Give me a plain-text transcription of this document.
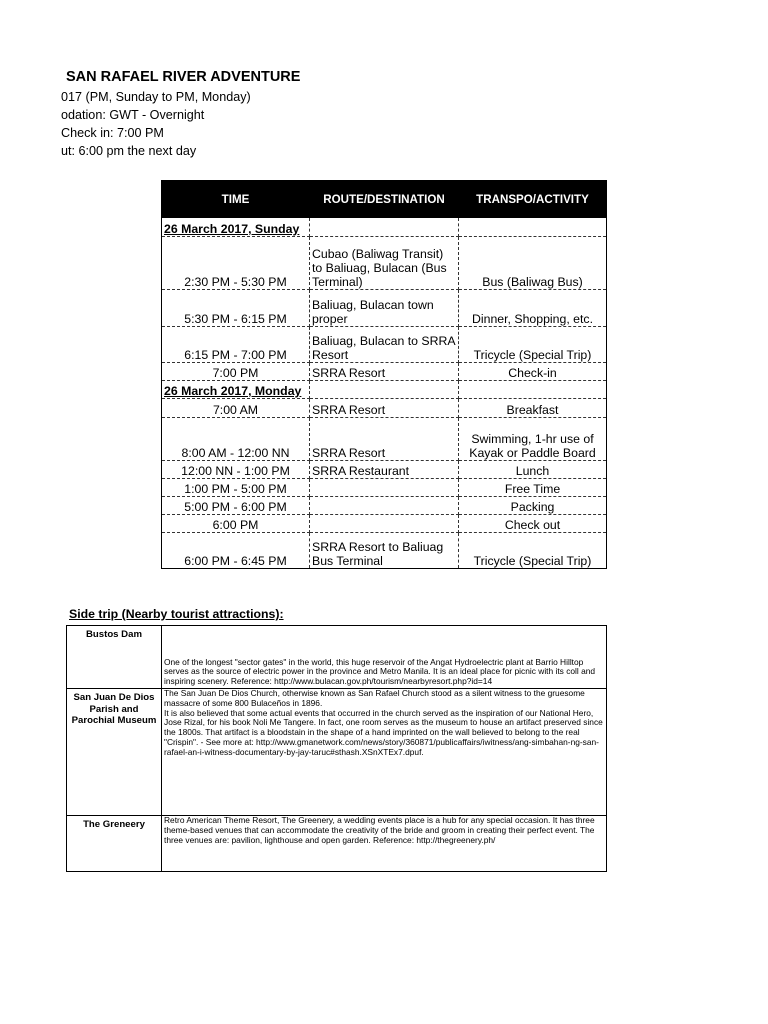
SAN RAFAEL RIVER ADVENTURE
017 (PM, Sunday to PM, Monday)
odation: GWT - Overnight
Check in: 7:00 PM
ut: 6:00 pm the next day
TIME	ROUTE/DESTINATION	TRANSPO/ACTIVITY
26 March 2017, Sunday		
2:30 PM - 5:30 PM	Cubao (Baliwag Transit) to Baliuag, Bulacan (Bus Terminal)	Bus (Baliwag Bus)
5:30 PM - 6:15 PM	Baliuag, Bulacan town proper	Dinner, Shopping, etc.
6:15 PM - 7:00 PM	Baliuag, Bulacan to SRRA Resort	Tricycle (Special Trip)
7:00 PM	SRRA Resort	Check-in
26 March 2017, Monday		
7:00 AM	SRRA Resort	Breakfast
8:00 AM - 12:00 NN	SRRA Resort	Swimming, 1-hr use of Kayak or Paddle Board
12:00 NN - 1:00 PM	SRRA Restaurant	Lunch
1:00 PM - 5:00 PM		Free Time
5:00 PM - 6:00 PM		Packing
6:00 PM		Check out
6:00 PM - 6:45 PM	SRRA Resort to Baliuag Bus Terminal	Tricycle (Special Trip)
Side trip (Nearby tourist attractions):
Bustos Dam	One of the longest "sector gates" in the world, this huge reservoir of the Angat Hydroelectric plant at Barrio Hilltop serves as the source of electric power in the province and Metro Manila. It is an ideal place for picnic with its coll and inspiring scenery. Reference: http://www.bulacan.gov.ph/tourism/nearbyresort.php?id=14
San Juan De Dios Parish and Parochial Museum	The San Juan De Dios Church, otherwise known as San Rafael Church stood as a silent witness to the gruesome massacre of some 800 Bulaceños in 1896.
It is also believed that some actual events that occurred in the church served as the inspiration of our National Hero, Jose Rizal, for his book Noli Me Tangere. In fact, one room serves as the museum to house an artifact preserved since the 1800s. That artifact is a bloodstain in the shape of a hand imprinted on the wall believed to belong to the real "Crispin". - See more at: http://www.gmanetwork.com/news/story/360871/publicaffairs/iwitness/ang-simbahan-ng-san-rafael-an-i-witness-documentary-by-jay-taruc#sthash.XSnXTEx7.dpuf.
The Greneery	Retro American Theme Resort, The Greenery, a wedding events place is a hub for any special occasion. It has three theme-based venues that can accommodate the creativity of the bride and groom in creating their perfect event. The three venues are: pavilion, lighthouse and open garden. Reference: http://thegreenery.ph/
